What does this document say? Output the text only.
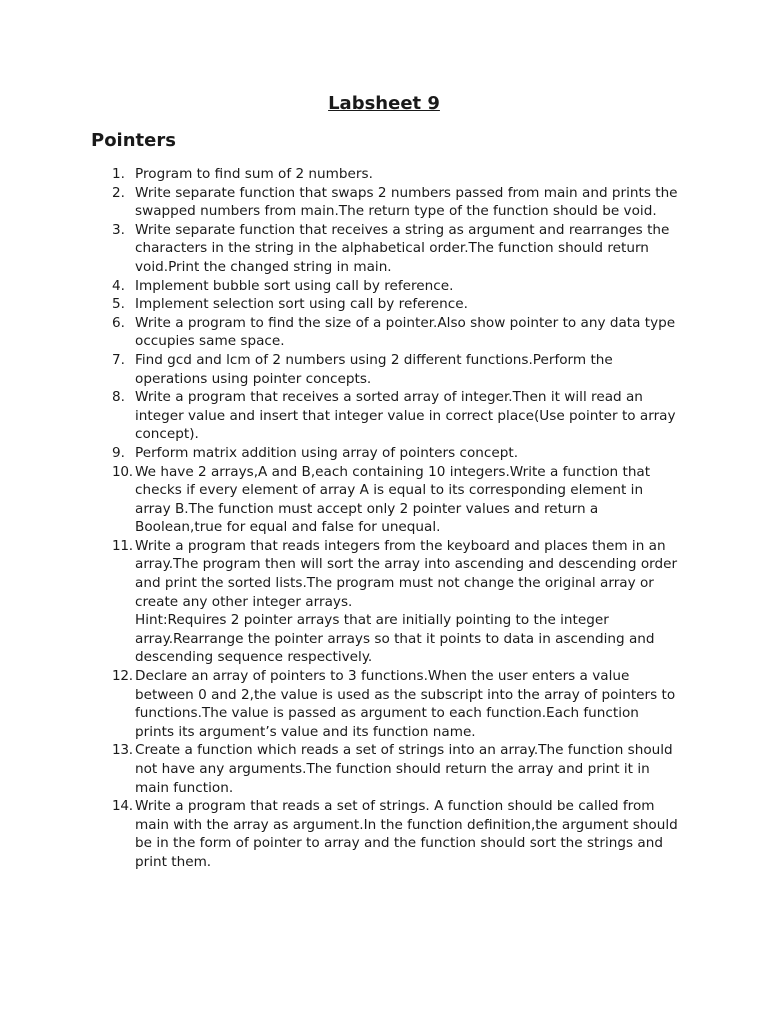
Labsheet 9
Pointers
1. Program to find sum of 2 numbers.
2. Write separate function that swaps 2 numbers passed from main and prints the swapped numbers from main.The return type of the function should be void.
3. Write separate function that receives a string as argument and rearranges the characters in the string in the alphabetical order.The function should return void.Print the changed string in main.
4. Implement bubble sort using call by reference.
5. Implement selection sort using call by reference.
6. Write a program to find the size of a pointer.Also show pointer to any data type occupies same space.
7. Find gcd and lcm of 2 numbers using 2 different functions.Perform the operations using pointer concepts.
8. Write a program that receives a sorted array of integer.Then it will read an integer value and insert that integer value in correct place(Use pointer to array concept).
9. Perform matrix addition using array of pointers concept.
10. We have 2 arrays,A and B,each containing 10 integers.Write a function that checks if every element of array A is equal to its corresponding element in array B.The function must accept only 2 pointer values and return a Boolean,true for equal and false for unequal.
11. Write a program that reads integers from the keyboard and places them in an array.The program then will sort the array into ascending and descending order and print the sorted lists.The program must not change the original array or create any other integer arrays.
Hint:Requires 2 pointer arrays that are initially pointing to the integer array.Rearrange the pointer arrays so that it points to data in ascending and descending sequence respectively.
12. Declare an array of pointers to 3 functions.When the user enters a value between 0 and 2,the value is used as the subscript into the array of pointers to functions.The value is passed as argument to each function.Each function prints its argument’s value and its function name.
13. Create a function which reads a set of strings into an array.The function should not have any arguments.The function should return the array and print it in main function.
14. Write a program that reads a set of strings. A function should be called from main with the array as argument.In the function definition,the argument should be in the form of pointer to array and the function should sort the strings and print them.
